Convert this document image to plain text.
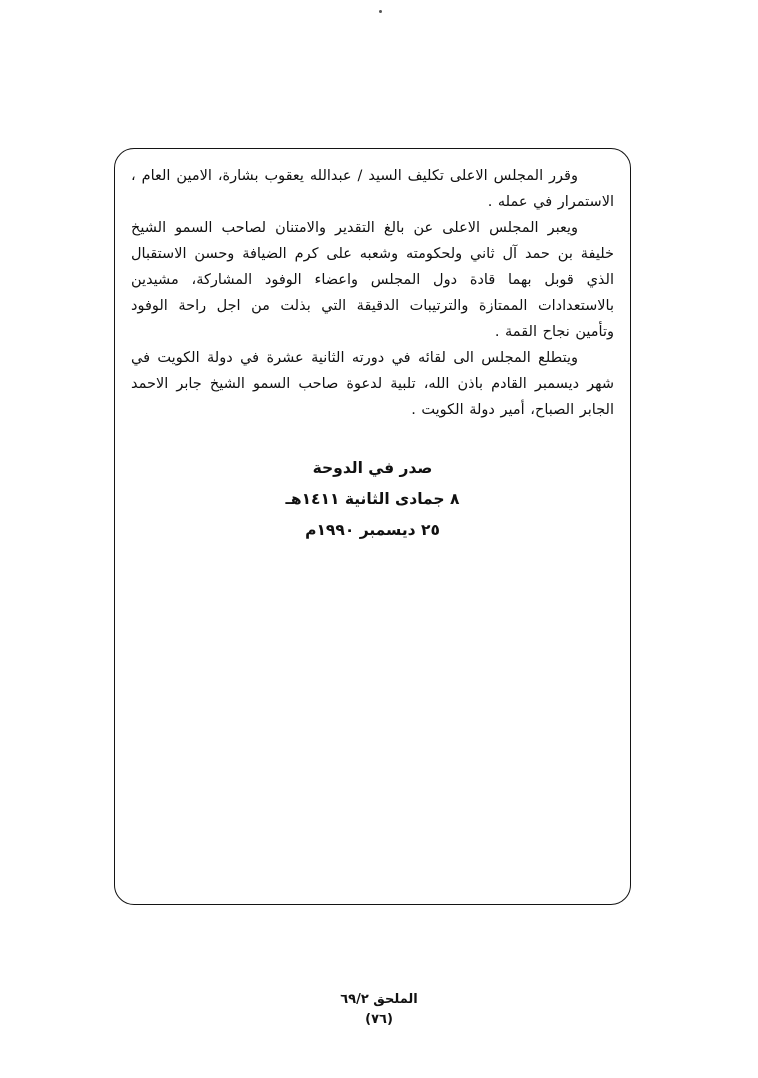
وقرر المجلس الاعلى تكليف السيد / عبدالله يعقوب بشارة، الامين العام ، الاستمرار في عمله .

ويعبر المجلس الاعلى عن بالغ التقدير والامتنان لصاحب السمو الشيخ خليفة بن حمد آل ثاني ولحكومته وشعبه على كرم الضيافة وحسن الاستقبال الذي قوبل بهما قادة دول المجلس واعضاء الوفود المشاركة، مشيدين بالاستعدادات الممتازة والترتيبات الدقيقة التي بذلت من اجل راحة الوفود وتأمين نجاح القمة .

ويتطلع المجلس الى لقائه في دورته الثانية عشرة في دولة الكويت في شهر ديسمبر القادم باذن الله، تلبية لدعوة صاحب السمو الشيخ جابر الاحمد الجابر الصباح، أمير دولة الكويت .

صدر في الدوحة
٨ جمادى الثانية ١٤١١هـ
٢٥ ديسمبر ١٩٩٠م
الملحق ٦٩/٢
(٧٦)
